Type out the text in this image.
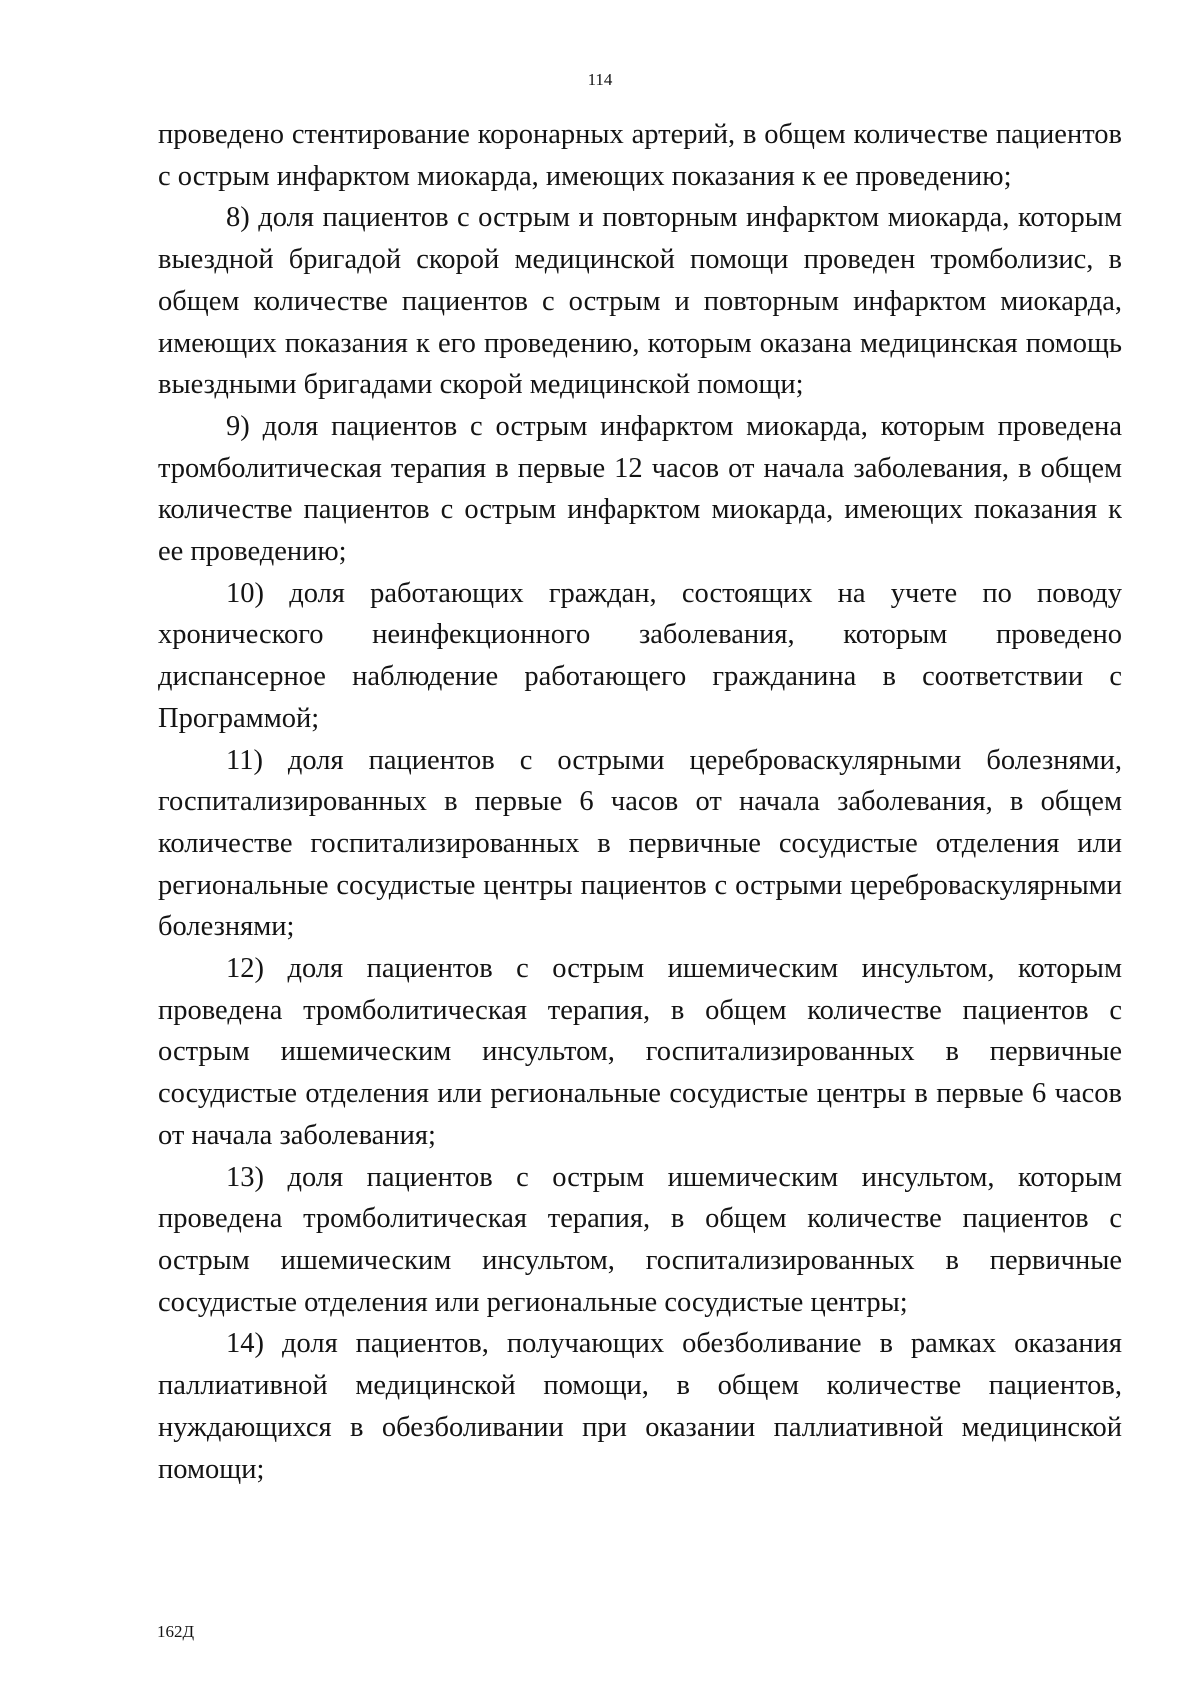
114

проведено стентирование коронарных артерий, в общем количестве пациентов с острым инфарктом миокарда, имеющих показания к ее проведению;

8) доля пациентов с острым и повторным инфарктом миокарда, которым выездной бригадой скорой медицинской помощи проведен тромболизис, в общем количестве пациентов с острым и повторным инфарктом миокарда, имеющих показания к его проведению, которым оказана медицинская помощь выездными бригадами скорой медицинской помощи;

9) доля пациентов с острым инфарктом миокарда, которым проведена тромболитическая терапия в первые 12 часов от начала заболевания, в общем количестве пациентов с острым инфарктом миокарда, имеющих показания к ее проведению;

10) доля работающих граждан, состоящих на учете по поводу хронического неинфекционного заболевания, которым проведено диспансерное наблюдение работающего гражданина в соответствии с Программой;

11) доля пациентов с острыми цереброваскулярными болезнями, госпитализированных в первые 6 часов от начала заболевания, в общем количестве госпитализированных в первичные сосудистые отделения или региональные сосудистые центры пациентов с острыми цереброваскулярными болезнями;

12) доля пациентов с острым ишемическим инсультом, которым проведена тромболитическая терапия, в общем количестве пациентов с острым ишемическим инсультом, госпитализированных в первичные сосудистые отделения или региональные сосудистые центры в первые 6 часов от начала заболевания;

13) доля пациентов с острым ишемическим инсультом, которым проведена тромболитическая терапия, в общем количестве пациентов с острым ишемическим инсультом, госпитализированных в первичные сосудистые отделения или региональные сосудистые центры;

14) доля пациентов, получающих обезболивание в рамках оказания паллиативной медицинской помощи, в общем количестве пациентов, нуждающихся в обезболивании при оказании паллиативной медицинской помощи;

162Д
